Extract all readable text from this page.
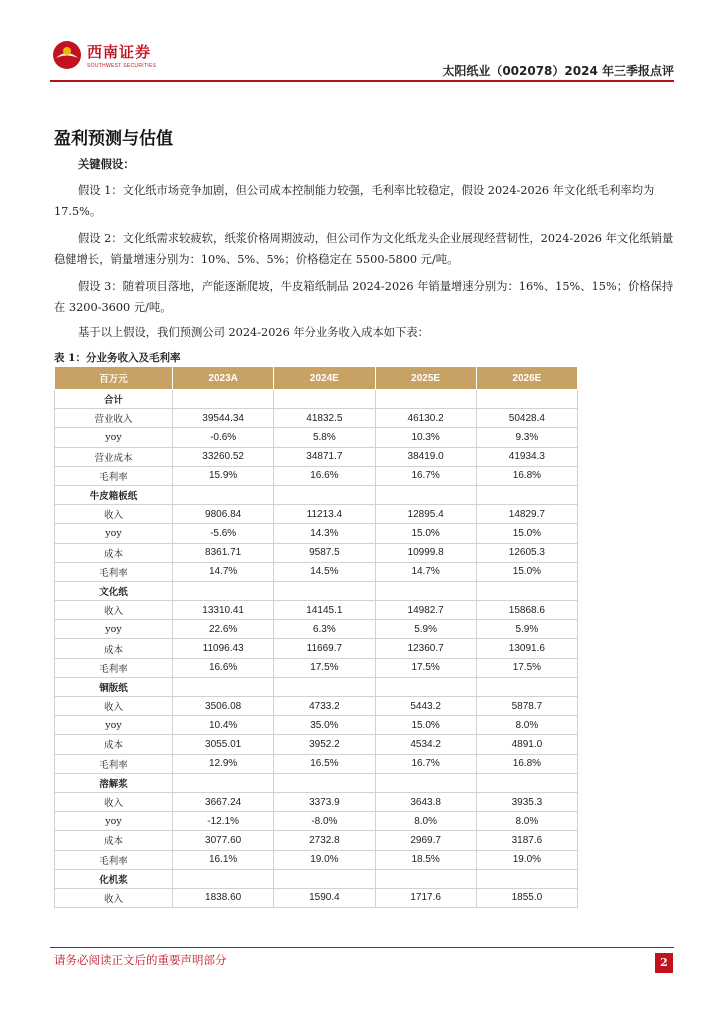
西南证券
SOUTHWEST SECURITIES	太阳纸业（002078）2024 年三季报点评
盈利预测与估值
关键假设：
假设 1：文化纸市场竞争加剧，但公司成本控制能力较强，毛利率比较稳定，假设 2024-2026 年文化纸毛利率均为 17.5%。
假设 2：文化纸需求较疲软，纸浆价格周期波动，但公司作为文化纸龙头企业展现经营韧性，2024-2026 年文化纸销量稳健增长，销量增速分别为：10%、5%、5%；价格稳定在 5500-5800 元/吨。
假设 3：随着项目落地，产能逐渐爬坡，牛皮箱纸制品 2024-2026 年销量增速分别为：16%、15%、15%；价格保持在 3200-3600 元/吨。
基于以上假设，我们预测公司 2024-2026 年分业务收入成本如下表：
表 1：分业务收入及毛利率
百万元	2023A	2024E	2025E	2026E
合计				
营业收入	39544.34	41832.5	46130.2	50428.4
yoy	-0.6%	5.8%	10.3%	9.3%
营业成本	33260.52	34871.7	38419.0	41934.3
毛利率	15.9%	16.6%	16.7%	16.8%
牛皮箱板纸				
收入	9806.84	11213.4	12895.4	14829.7
yoy	-5.6%	14.3%	15.0%	15.0%
成本	8361.71	9587.5	10999.8	12605.3
毛利率	14.7%	14.5%	14.7%	15.0%
文化纸				
收入	13310.41	14145.1	14982.7	15868.6
yoy	22.6%	6.3%	5.9%	5.9%
成本	11096.43	11669.7	12360.7	13091.6
毛利率	16.6%	17.5%	17.5%	17.5%
铜版纸				
收入	3506.08	4733.2	5443.2	5878.7
yoy	10.4%	35.0%	15.0%	8.0%
成本	3055.01	3952.2	4534.2	4891.0
毛利率	12.9%	16.5%	16.7%	16.8%
溶解浆				
收入	3667.24	3373.9	3643.8	3935.3
yoy	-12.1%	-8.0%	8.0%	8.0%
成本	3077.60	2732.8	2969.7	3187.6
毛利率	16.1%	19.0%	18.5%	19.0%
化机浆				
收入	1838.60	1590.4	1717.6	1855.0
请务必阅读正文后的重要声明部分	2
